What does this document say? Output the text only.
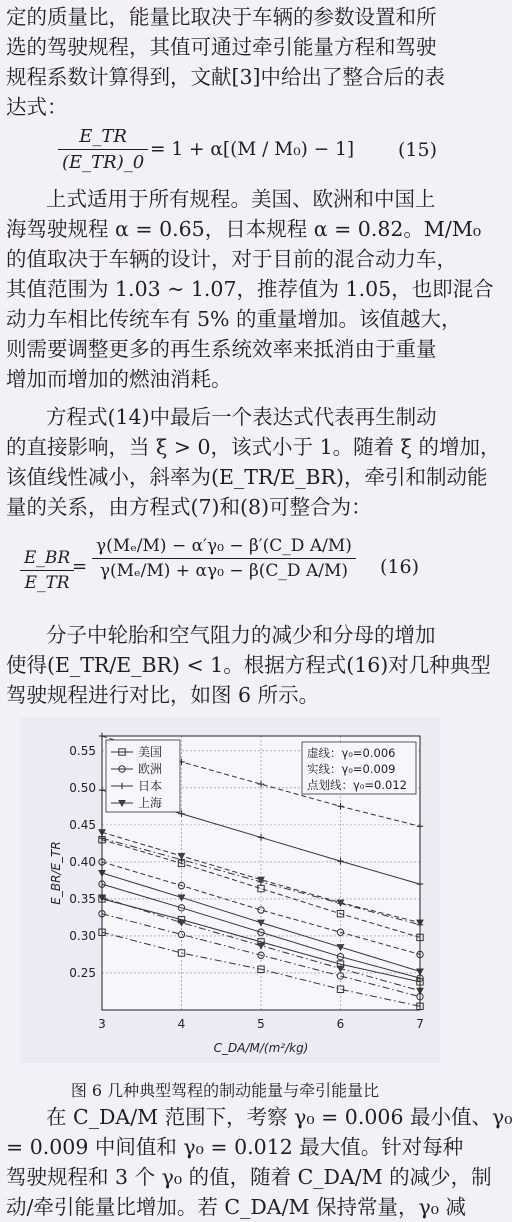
定的质量比，能量比取决于车辆的参数设置和所
选的驾驶规程，其值可通过牵引能量方程和驾驶
规程系数计算得到，文献[3]中给出了整合后的表
达式：
$\frac{E\_TR}{(E\_TR)\_0} = 1 + \alpha[(M / M_0) - 1]$ (15)
上式适用于所有规程。美国、欧洲和中国上
海驾驶规程 α = 0.65，日本规程 α = 0.82。M/M₀
的值取决于车辆的设计，对于目前的混合动力车，
其值范围为 1.03 ~ 1.07，推荐值为 1.05，也即混合
动力车相比传统车有 5% 的重量增加。该值越大，
则需要调整更多的再生系统效率来抵消由于重量
增加而增加的燃油消耗。
方程式(14)中最后一个表达式代表再生制动
的直接影响，当 ξ > 0，该式小于 1。随着 ξ 的增加，
该值线性减小，斜率为(E_TR/E_BR)，牵引和制动能
量的关系，由方程式(7)和(8)可整合为：
$\frac{E\_BR}{E\_TR}$
= $\frac{\text{γ(Mₑ/M) − α′γ₀ − β′(C\_D A/M)}}{\text{γ(Mₑ/M) + αγ₀ − β(C\_D A/M)}} (16)$
分子中轮胎和空气阻力的减少和分母的增加
使得(E_TR/E_BR) < 1。根据方程式(16)对几种典型
驾驶规程进行对比，如图 6 所示。
3	4	5	6	7
0.25
0.30
0.35
0.40
0.45
0.50
0.55
C_DA/M/(m²/kg)
E_BR/E_TR
美国
欧洲
日本
上海
虚线：γ₀=0.006
实线：γ₀=0.009
点划线：γ₀=0.012
图 6 几种典型驾程的制动能量与牵引能量比
在 C_DA/M 范围下，考察 γ₀ = 0.006 最小值、γ₀
= 0.009 中间值和 γ₀ = 0.012 最大值。针对每种
驾驶规程和 3 个 γ₀ 的值，随着 C_DA/M 的减少，制
动/牵引能量比增加。若 C_DA/M 保持常量，γ₀ 减
